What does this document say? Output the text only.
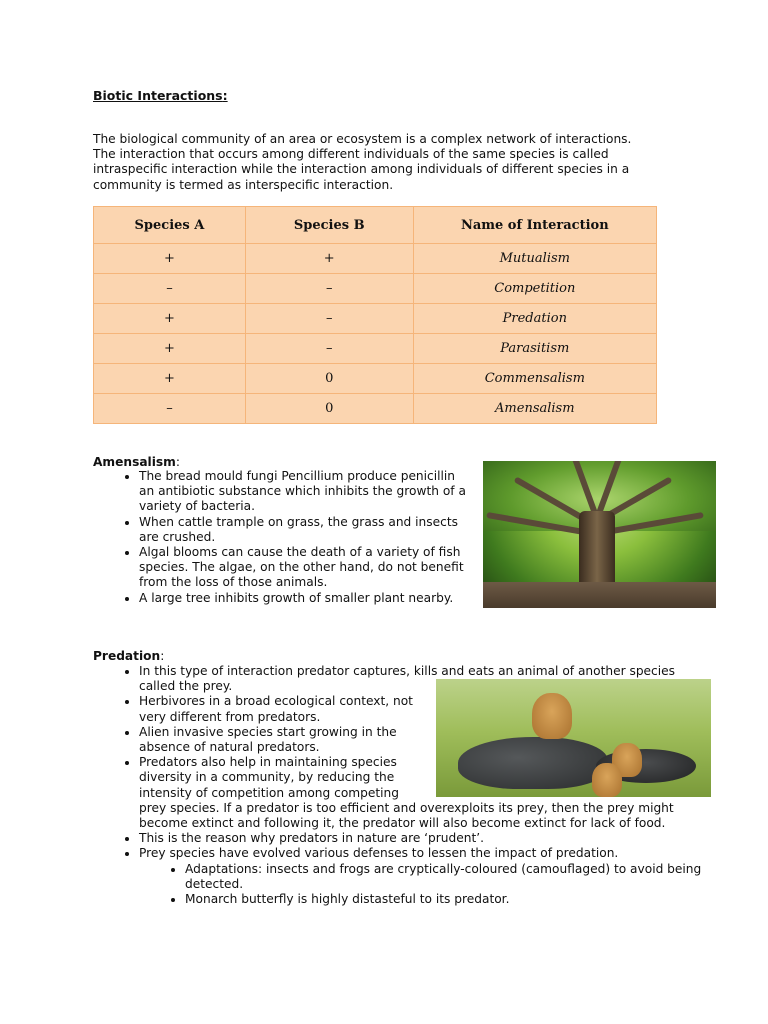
Biotic Interactions:

The biological community of an area or ecosystem is a complex network of interactions.

The interaction that occurs among different individuals of the same species is called

intraspecific interaction while the interaction among individuals of different species in a

community is termed as interspecific interaction.

Species A	Species B	Name of Interaction
+	+	Mutualism
–	–	Competition
+	–	Predation
+	–	Parasitism
+	0	Commensalism
–	0	Amensalism
Amensalism:
• The bread mould fungi Pencillium produce penicillin an antibiotic substance which inhibits the growth of a variety of bacteria.
• When cattle trample on grass, the grass and insects are crushed.
• Algal blooms can cause the death of a variety of fish species. The algae, on the other hand, do not benefit from the loss of those animals.
• A large tree inhibits growth of smaller plant nearby.
Predation:
• In this type of interaction predator captures, kills and eats an animal of another species called the prey.
• Herbivores in a broad ecological context, not very different from predators.
• Alien invasive species start growing in the absence of natural predators.
• Predators also help in maintaining species diversity in a community, by reducing the intensity of competition among competing prey species. If a predator is too efficient and overexploits its prey, then the prey might become extinct and following it, the predator will also become extinct for lack of food.
• This is the reason why predators in nature are ‘prudent’.
• Prey species have evolved various defenses to lessen the impact of predation.
• Adaptations: insects and frogs are cryptically-coloured (camouflaged) to avoid being detected.
• Monarch butterfly is highly distasteful to its predator.
